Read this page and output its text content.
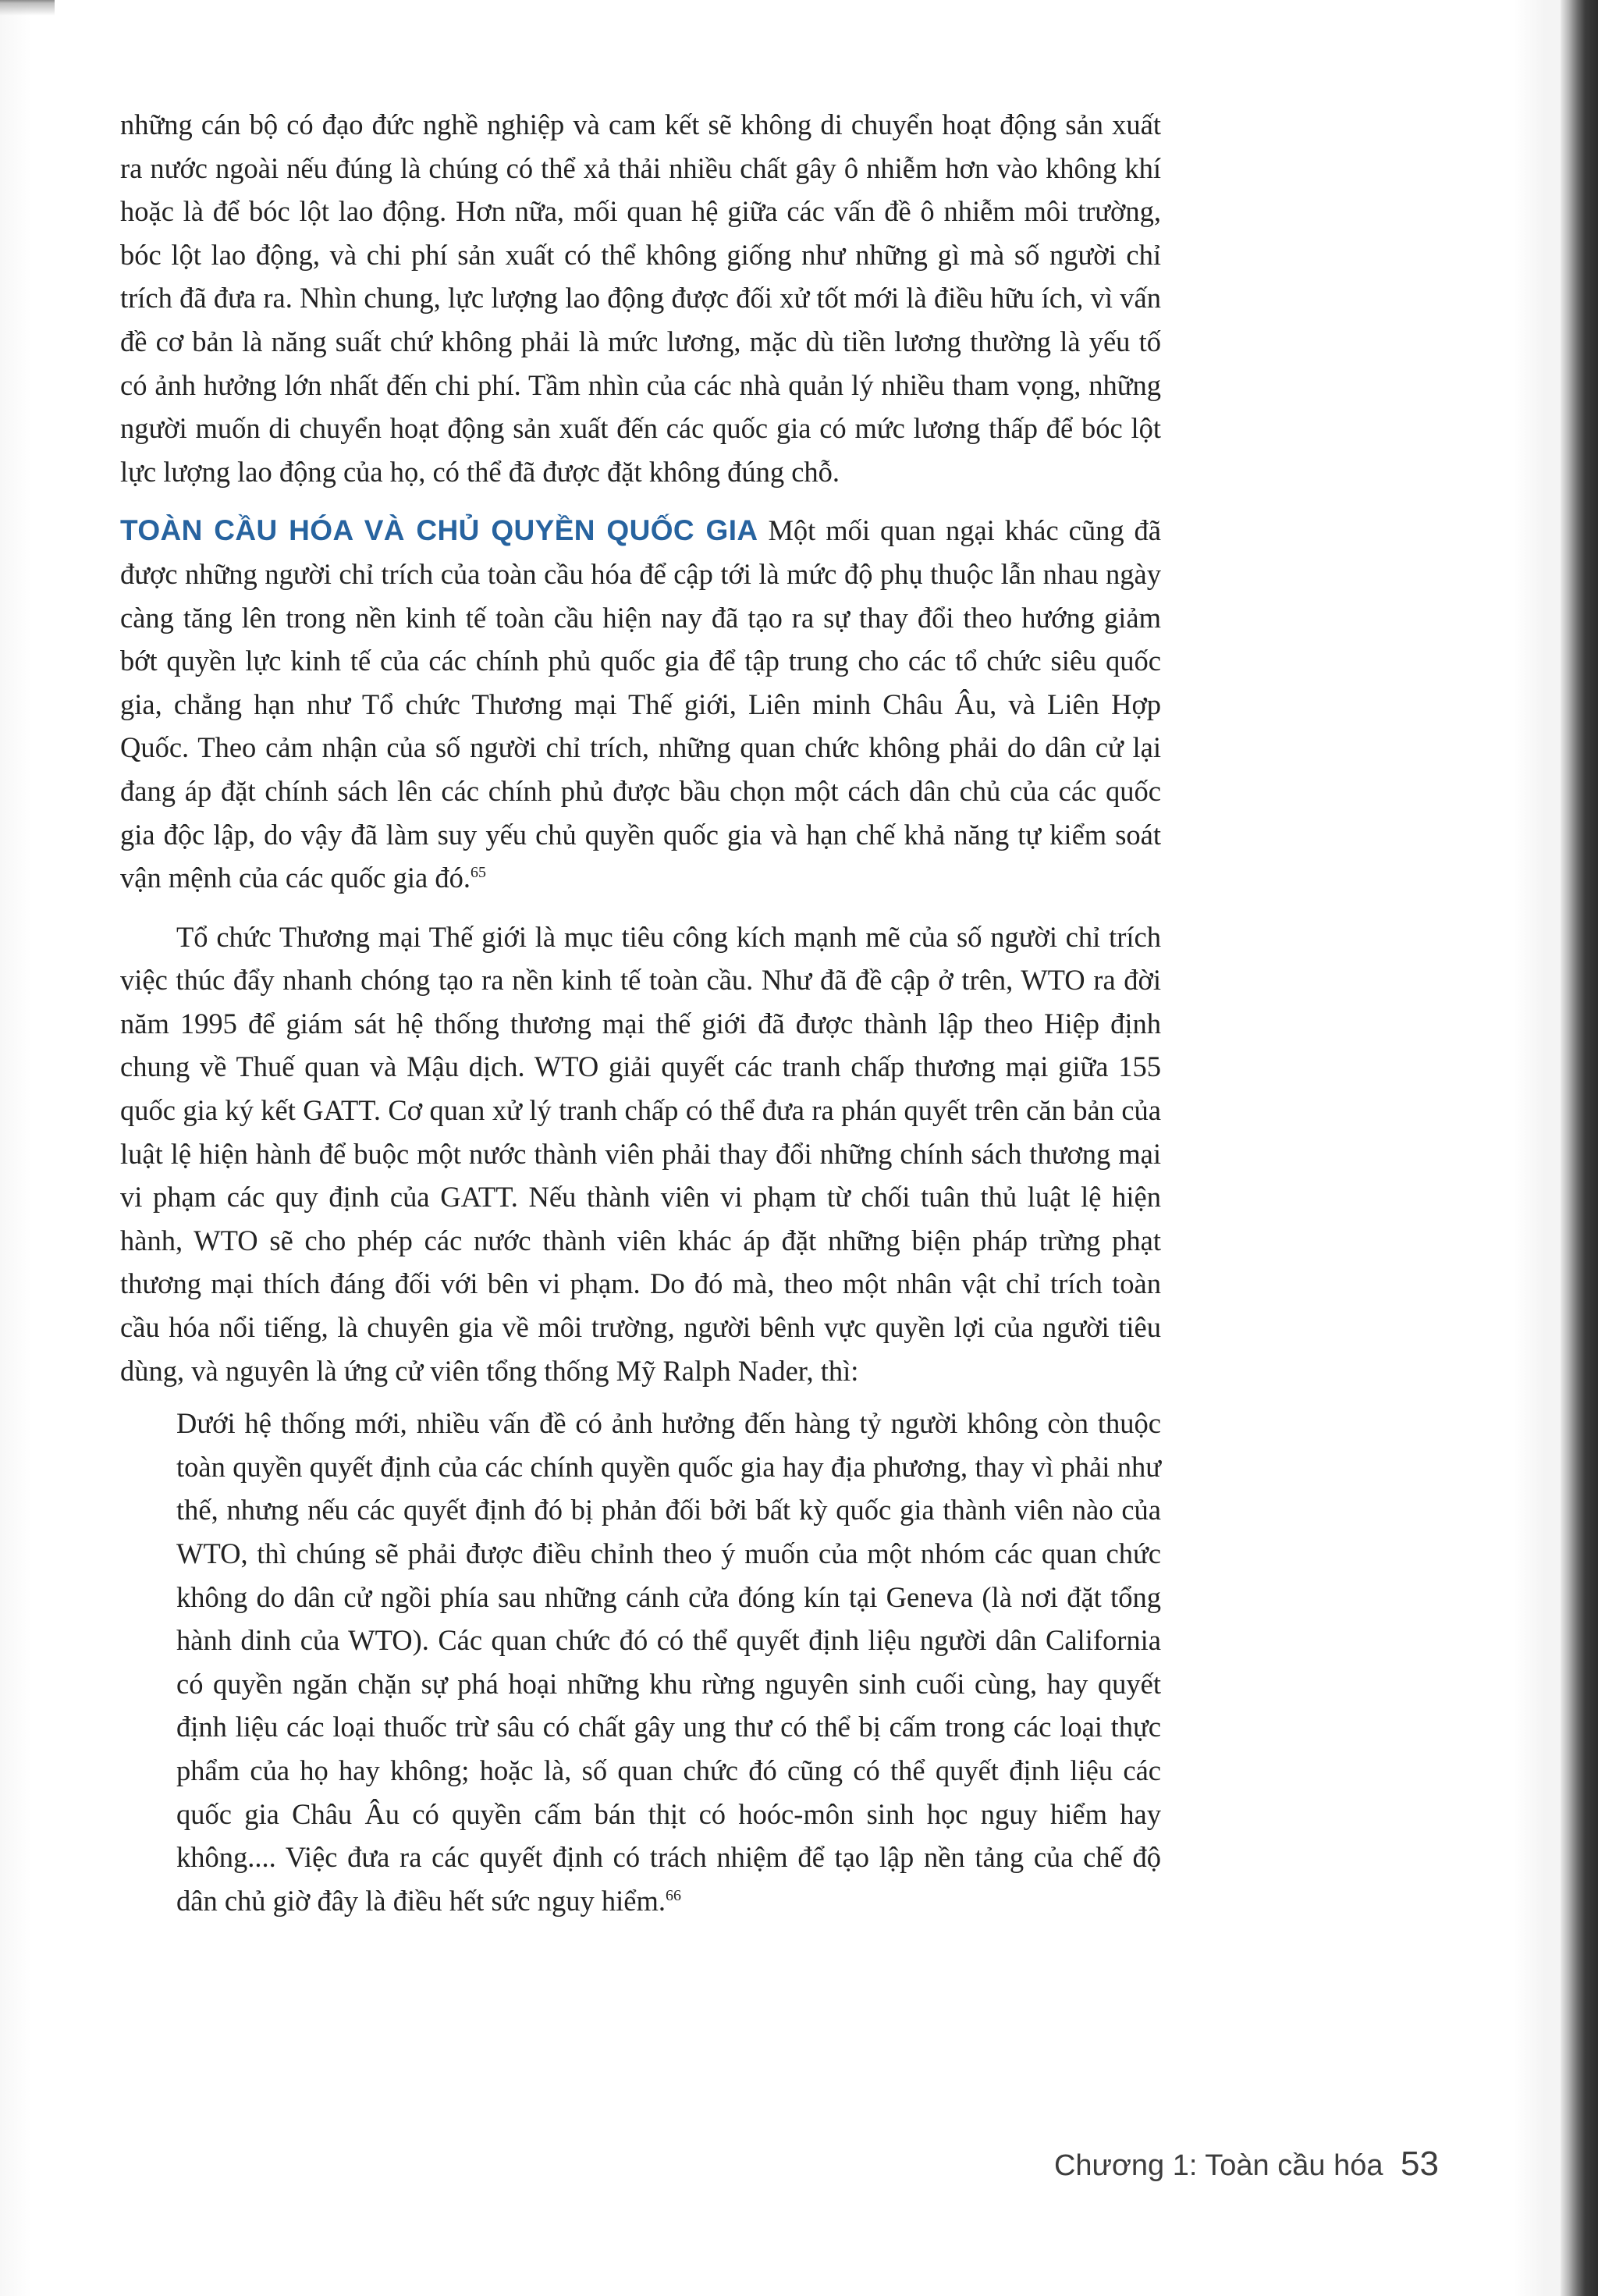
những cán bộ có đạo đức nghề nghiệp và cam kết sẽ không di chuyển hoạt động sản xuất ra nước ngoài nếu đúng là chúng có thể xả thải nhiều chất gây ô nhiễm hơn vào không khí hoặc là để bóc lột lao động. Hơn nữa, mối quan hệ giữa các vấn đề ô nhiễm môi trường, bóc lột lao động, và chi phí sản xuất có thể không giống như những gì mà số người chỉ trích đã đưa ra. Nhìn chung, lực lượng lao động được đối xử tốt mới là điều hữu ích, vì vấn đề cơ bản là năng suất chứ không phải là mức lương, mặc dù tiền lương thường là yếu tố có ảnh hưởng lớn nhất đến chi phí. Tầm nhìn của các nhà quản lý nhiều tham vọng, những người muốn di chuyển hoạt động sản xuất đến các quốc gia có mức lương thấp để bóc lột lực lượng lao động của họ, có thể đã được đặt không đúng chỗ.

TOÀN CẦU HÓA VÀ CHỦ QUYỀN QUỐC GIA Một mối quan ngại khác cũng đã được những người chỉ trích của toàn cầu hóa để cập tới là mức độ phụ thuộc lẫn nhau ngày càng tăng lên trong nền kinh tế toàn cầu hiện nay đã tạo ra sự thay đổi theo hướng giảm bớt quyền lực kinh tế của các chính phủ quốc gia để tập trung cho các tổ chức siêu quốc gia, chẳng hạn như Tổ chức Thương mại Thế giới, Liên minh Châu Âu, và Liên Hợp Quốc. Theo cảm nhận của số người chỉ trích, những quan chức không phải do dân cử lại đang áp đặt chính sách lên các chính phủ được bầu chọn một cách dân chủ của các quốc gia độc lập, do vậy đã làm suy yếu chủ quyền quốc gia và hạn chế khả năng tự kiểm soát vận mệnh của các quốc gia đó.$^{65}$

Tổ chức Thương mại Thế giới là mục tiêu công kích mạnh mẽ của số người chỉ trích việc thúc đẩy nhanh chóng tạo ra nền kinh tế toàn cầu. Như đã đề cập ở trên, WTO ra đời năm 1995 để giám sát hệ thống thương mại thế giới đã được thành lập theo Hiệp định chung về Thuế quan và Mậu dịch. WTO giải quyết các tranh chấp thương mại giữa 155 quốc gia ký kết GATT. Cơ quan xử lý tranh chấp có thể đưa ra phán quyết trên căn bản của luật lệ hiện hành để buộc một nước thành viên phải thay đổi những chính sách thương mại vi phạm các quy định của GATT. Nếu thành viên vi phạm từ chối tuân thủ luật lệ hiện hành, WTO sẽ cho phép các nước thành viên khác áp đặt những biện pháp trừng phạt thương mại thích đáng đối với bên vi phạm. Do đó mà, theo một nhân vật chỉ trích toàn cầu hóa nổi tiếng, là chuyên gia về môi trường, người bênh vực quyền lợi của người tiêu dùng, và nguyên là ứng cử viên tổng thống Mỹ Ralph Nader, thì:

Dưới hệ thống mới, nhiều vấn đề có ảnh hưởng đến hàng tỷ người không còn thuộc toàn quyền quyết định của các chính quyền quốc gia hay địa phương, thay vì phải như thế, nhưng nếu các quyết định đó bị phản đối bởi bất kỳ quốc gia thành viên nào của WTO, thì chúng sẽ phải được điều chỉnh theo ý muốn của một nhóm các quan chức không do dân cử ngồi phía sau những cánh cửa đóng kín tại Geneva (là nơi đặt tổng hành dinh của WTO). Các quan chức đó có thể quyết định liệu người dân California có quyền ngăn chặn sự phá hoại những khu rừng nguyên sinh cuối cùng, hay quyết định liệu các loại thuốc trừ sâu có chất gây ung thư có thể bị cấm trong các loại thực phẩm của họ hay không; hoặc là, số quan chức đó cũng có thể quyết định liệu các quốc gia Châu Âu có quyền cấm bán thịt có hoóc-môn sinh học nguy hiểm hay không.... Việc đưa ra các quyết định có trách nhiệm để tạo lập nền tảng của chế độ dân chủ giờ đây là điều hết sức nguy hiểm.$^{66}$

Chương 1: Toàn cầu hóa 53
